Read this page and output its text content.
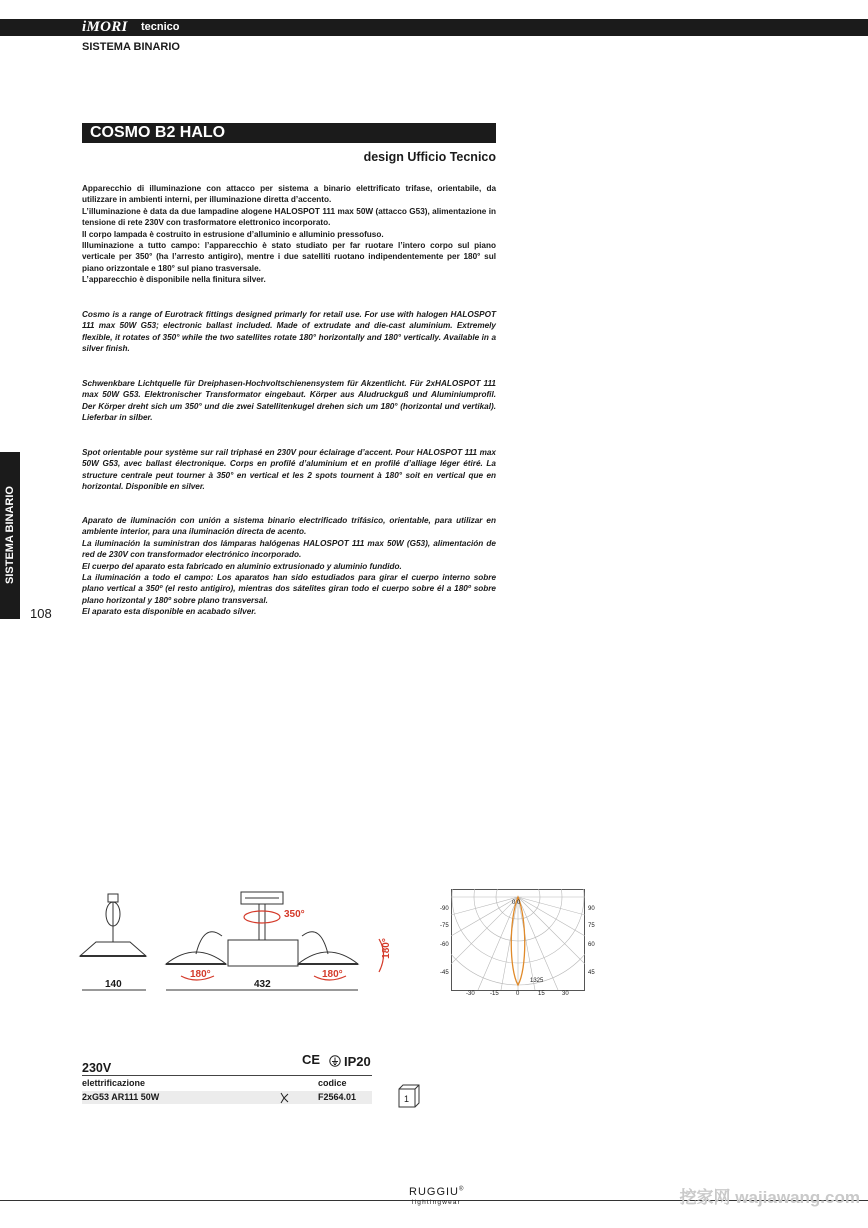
iMORI tecnico
SISTEMA BINARIO
COSMO B2 HALO
design Ufficio Tecnico

Apparecchio di illuminazione con attacco per sistema a binario elettrificato trifase, orientabile, da utilizzare in ambienti interni, per illuminazione diretta d’accento.

L’illuminazione è data da due lampadine alogene HALOSPOT 111 max 50W (attacco G53), alimentazione in tensione di rete 230V con trasformatore elettronico incorporato.

Il corpo lampada è costruito in estrusione d’alluminio e alluminio pressofuso.

Illuminazione a tutto campo: l’apparecchio è stato studiato per far ruotare l’intero corpo sul piano verticale per 350° (ha l’arresto antigiro), mentre i due satelliti ruotano indipendentemente per 180° sul piano orizzontale e 180° sul piano trasversale.

L’apparecchio è disponibile nella finitura silver.

Cosmo is a range of Eurotrack fittings designed primarly for retail use. For use with halogen HALOSPOT 111 max 50W G53; electronic ballast included. Made of extrudate and die-cast aluminium. Extremely flexible, it rotates of 350° while the two satellites rotate 180° horizontally and 180° vertically. Available in a silver finish.
Schwenkbare Lichtquelle für Dreiphasen-Hochvoltschienensystem für Akzentlicht. Für 2xHALOSPOT 111 max 50W G53. Elektronischer Transformator eingebaut. Körper aus Aludruckguß und Aluminiumprofil. Der Körper dreht sich um 350° und die zwei Satellitenkugel drehen sich um 180° (horizontal und vertikal). Lieferbar in silber.
Spot orientable pour système sur rail triphasé en 230V pour éclairage d’accent. Pour HALOSPOT 111 max 50W G53, avec ballast électronique. Corps en profilé d’aluminium et en profilé d’alliage léger étiré. La structure centrale peut tourner à 350° en vertical et les 2 spots tournent à 180° soit en vertical que en horizontal. Disponible en silver.

Aparato de iluminación con unión a sistema binario electrificado trifásico, orientable, para utilizar en ambiente interior, para una iluminación directa de acento.

La iluminación la suministran dos lámparas halógenas HALOSPOT 111 max 50W (G53), alimentación de red de 230V con transformador electrónico incorporado.

El cuerpo del aparato esta fabricado en aluminio extrusionado y aluminio fundido.

La iluminación a todo el campo: Los aparatos han sido estudiados para girar el cuerpo interno sobre plano vertical a 350º (el resto antigiro), mientras dos sátelites giran todo el cuerpo sobre él a 180º sobre plano horizontal y 180º sobre plano transversal.

El aparato esta disponible en acabado silver.

SISTEMA BINARIO
108
350°
180°	180°
180°
140	432
-90
-75
-60
-45
90
75
60
45
-30	-15	0	15	30
0 0
1325
CE IP20
230V
elettrificazione	codice
2xG53 AR111 50W	F2564.01	1
RUGGIU®
lightingwear	挖家网 wajiawang.com
